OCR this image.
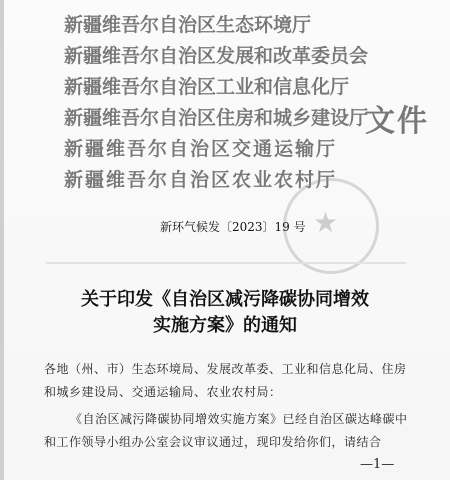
新疆维吾尔自治区生态环境厅
新疆维吾尔自治区发展和改革委员会
新疆维吾尔自治区工业和信息化厅
新疆维吾尔自治区住房和城乡建设厅
新疆维吾尔自治区交通运输厅
新疆维吾尔自治区农业农村厅
文件
★
新环气候发〔2023〕19 号
关于印发《自治区减污降碳协同增效
实施方案》的通知

各地（州、市）生态环境局、发展改革委、工业和信息化局、住房和城乡建设局、交通运输局、农业农村局：

《自治区减污降碳协同增效实施方案》已经自治区碳达峰碳中和工作领导小组办公室会议审议通过，现印发给你们，请结合

—1—
